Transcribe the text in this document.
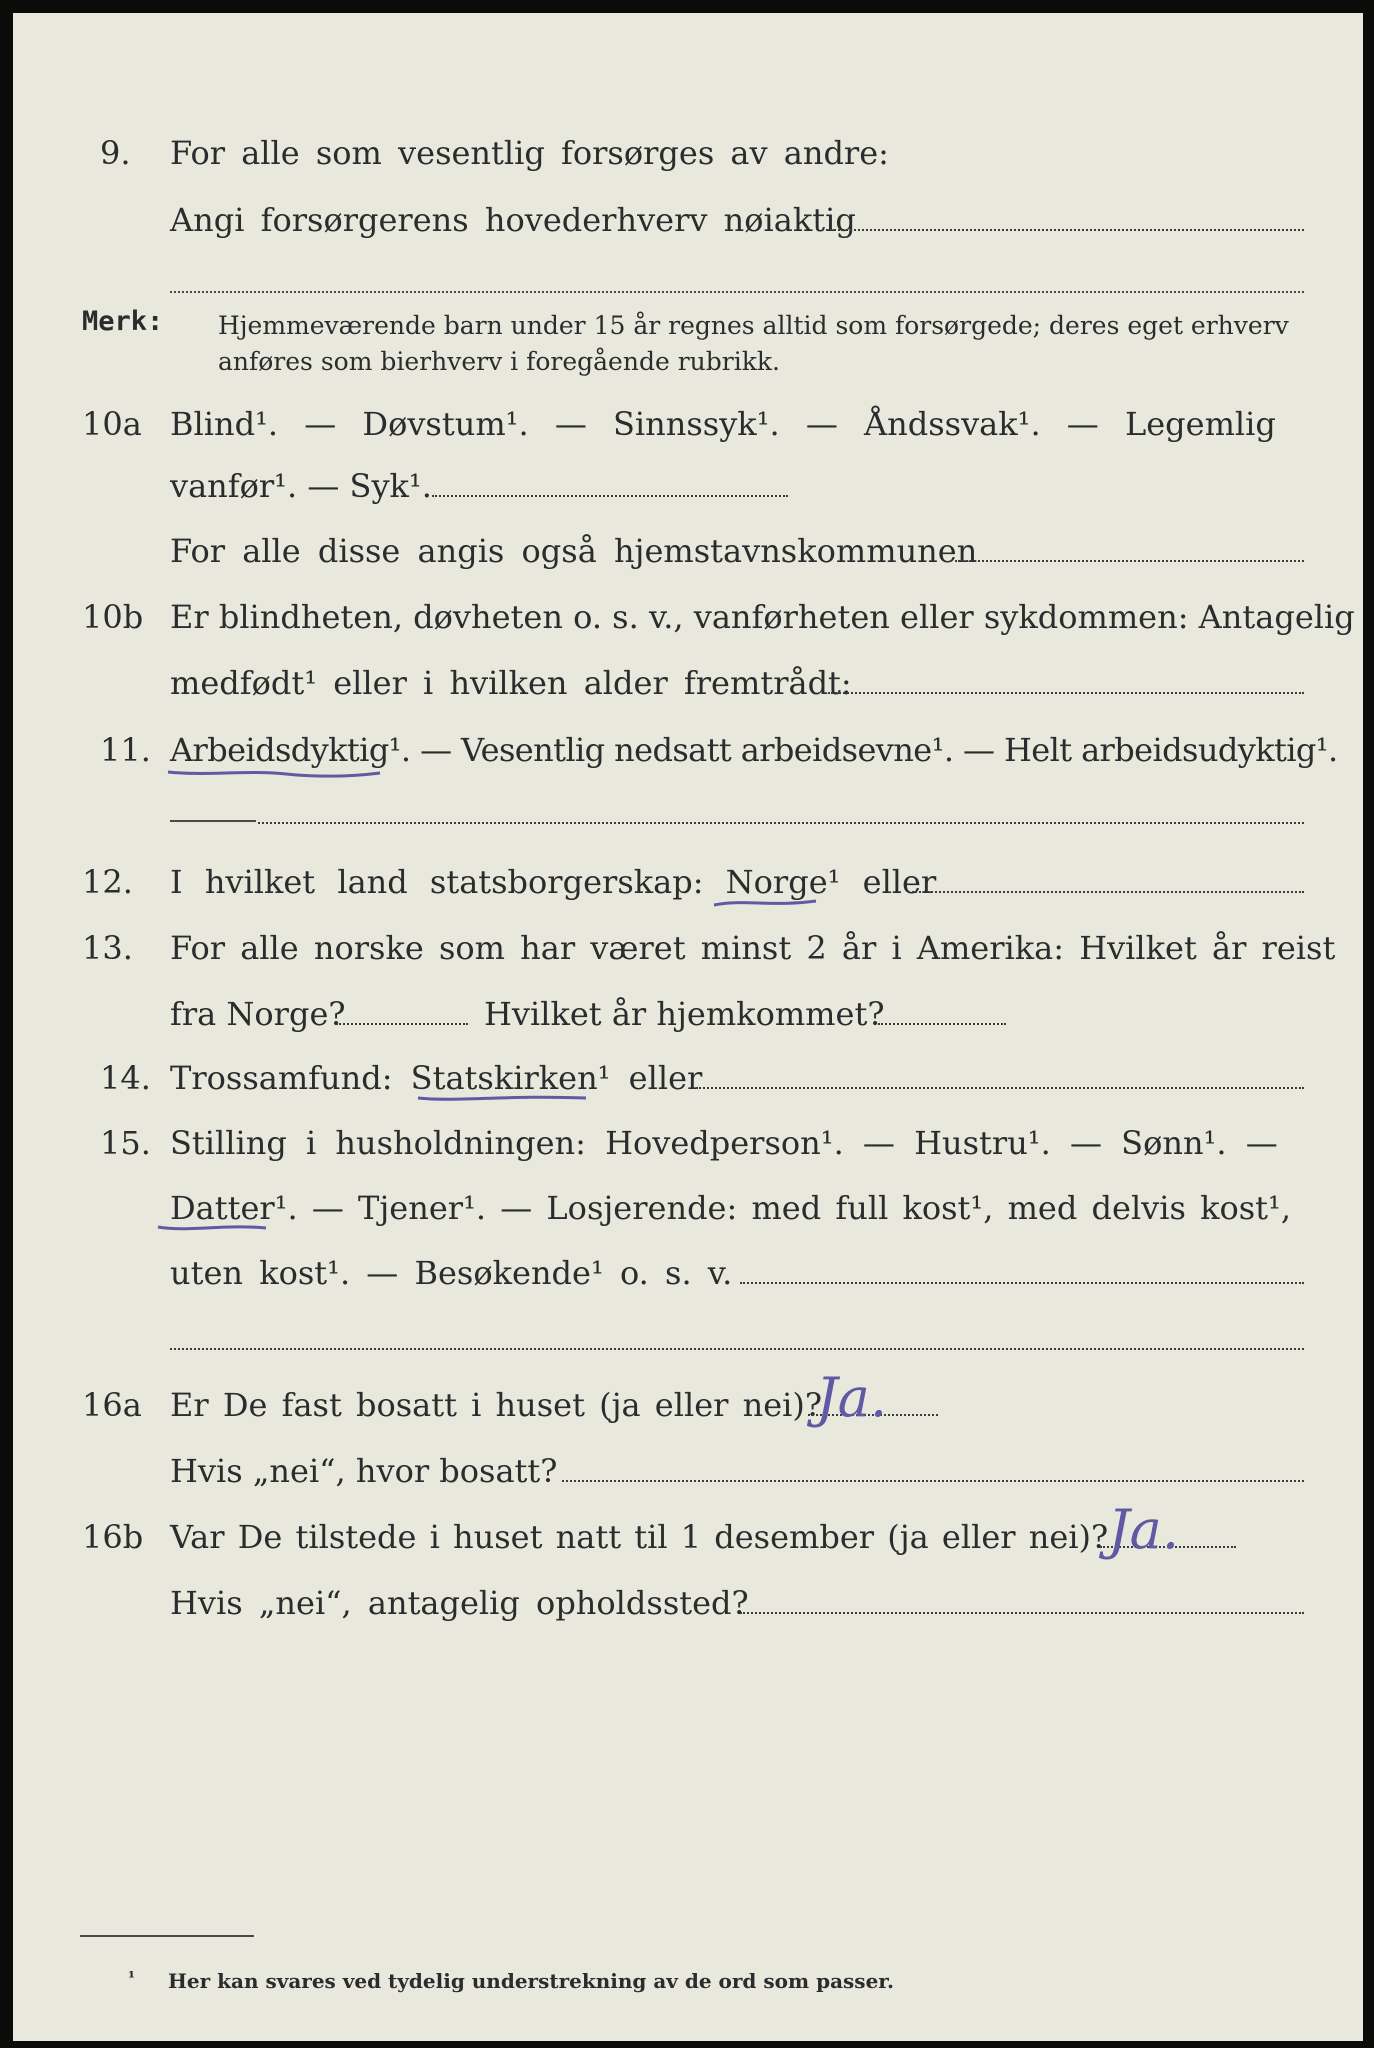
9. For alle som vesentlig forsørges av andre:
Angi forsørgerens hovederhverv nøiaktig
Merk: Hjemmeværende barn under 15 år regnes alltid som forsørgede; deres eget erhverv
anføres som bierhverv i foregående rubrikk.
10a Blind¹. — Døvstum¹. — Sinnssyk¹. — Åndssvak¹. — Legemlig
vanfør¹. — Syk¹.
For alle disse angis også hjemstavnskommunen
10b Er blindheten, døvheten o. s. v., vanførheten eller sykdommen: Antagelig
medfødt¹ eller i hvilken alder fremtrådt:
11. Arbeidsdyktig¹. — Vesentlig nedsatt arbeidsevne¹. — Helt arbeidsudyktig¹.
12. I hvilket land statsborgerskap: Norge¹ eller
13. For alle norske som har været minst 2 år i Amerika: Hvilket år reist
fra Norge?	Hvilket år hjemkommet?
14. Trossamfund: Statskirken¹ eller
15. Stilling i husholdningen: Hovedperson¹. — Hustru¹. — Sønn¹. —
Datter¹. — Tjener¹. — Losjerende: med full kost¹, med delvis kost¹,
uten kost¹. — Besøkende¹ o. s. v.
16a Er De fast bosatt i huset (ja eller nei)?
Ja.
Hvis „nei“, hvor bosatt?
16b Var De tilstede i huset natt til 1 desember (ja eller nei)? Ja.
Hvis „nei“, antagelig opholdssted?
¹ Her kan svares ved tydelig understrekning av de ord som passer.
